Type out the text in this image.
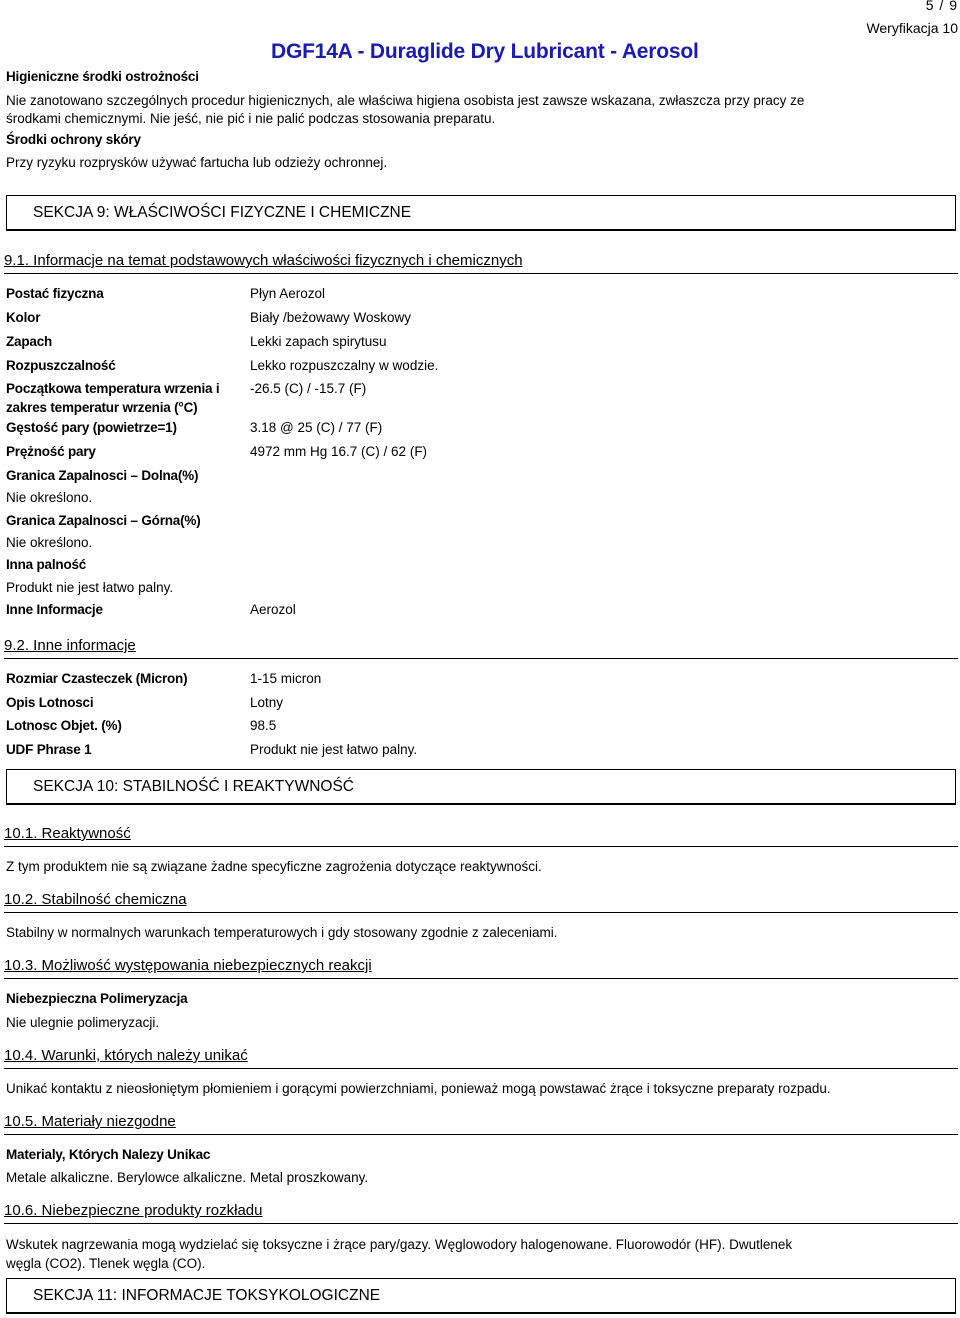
5 / 9
Weryfikacja 10
DGF14A - Duraglide Dry Lubricant - Aerosol
Higieniczne środki ostrożności
Nie zanotowano szczególnych procedur higienicznych, ale właściwa higiena osobista jest zawsze wskazana, zwłaszcza przy pracy ze
środkami chemicznymi. Nie jeść, nie pić i nie palić podczas stosowania preparatu.
Środki ochrony skóry
Przy ryzyku rozprysków używać fartucha lub odzieży ochronnej.
SEKCJA 9: WŁAŚCIWOŚCI FIZYCZNE I CHEMICZNE
9.1. Informacje na temat podstawowych właściwości fizycznych i chemicznych
Postać fizyczna	Płyn Aerozol
Kolor	Biały /beżowawy Woskowy
Zapach	Lekki zapach spirytusu
Rozpuszczalność	Lekko rozpuszczalny w wodzie.
Początkowa temperatura wrzenia i
zakres temperatur wrzenia (°C)
-26.5 (C) / -15.7 (F)
Gęstość pary (powietrze=1)	3.18 @ 25 (C) / 77 (F)
Prężność pary	4972 mm Hg 16.7 (C) / 62 (F)
Granica Zapalnosci – Dolna(%)
Nie określono.
Granica Zapalnosci – Górna(%)
Nie określono.
Inna palność
Produkt nie jest łatwo palny.
Inne Informacje	Aerozol
9.2. Inne informacje
Rozmiar Czasteczek (Micron)	1-15 micron
Opis Lotnosci	Lotny
Lotnosc Objet. (%)	98.5
UDF Phrase 1	Produkt nie jest łatwo palny.
SEKCJA 10: STABILNOŚĆ I REAKTYWNOŚĆ
10.1. Reaktywność
Z tym produktem nie są związane żadne specyficzne zagrożenia dotyczące reaktywności.
10.2. Stabilność chemiczna
Stabilny w normalnych warunkach temperaturowych i gdy stosowany zgodnie z zaleceniami.
10.3. Możliwość występowania niebezpiecznych reakcji
Niebezpieczna Polimeryzacja
Nie ulegnie polimeryzacji.
10.4. Warunki, których należy unikać
Unikać kontaktu z nieosłoniętym płomieniem i gorącymi powierzchniami, ponieważ mogą powstawać żrące i toksyczne preparaty rozpadu.
10.5. Materiały niezgodne
Materialy, Których Nalezy Unikac
Metale alkaliczne. Berylowce alkaliczne. Metal proszkowany.
10.6. Niebezpieczne produkty rozkładu
Wskutek nagrzewania mogą wydzielać się toksyczne i żrące pary/gazy. Węglowodory halogenowane. Fluorowodór (HF). Dwutlenek
węgla (CO2). Tlenek węgla (CO).
SEKCJA 11: INFORMACJE TOKSYKOLOGICZNE
